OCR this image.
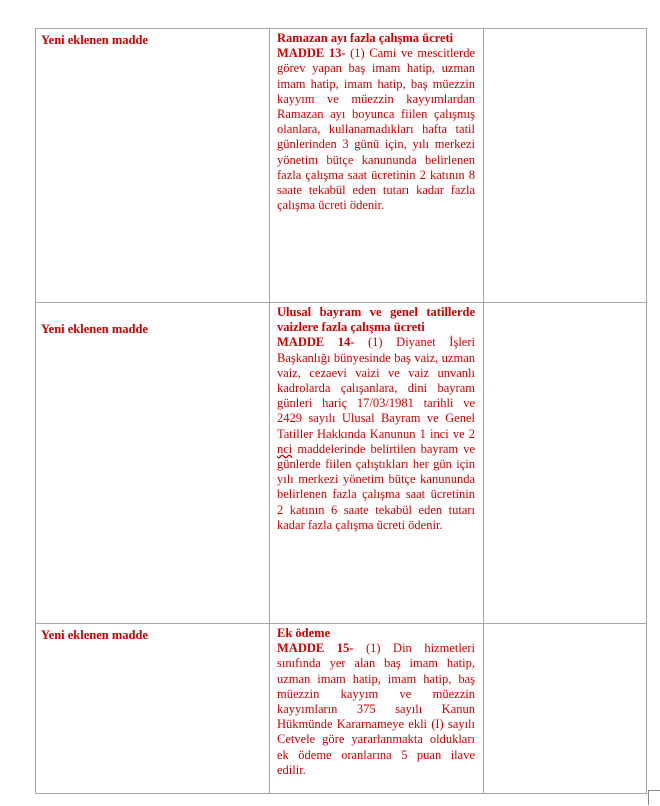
Yeni eklenen madde	Ramazan ayı fazla çalışma ücreti
MADDE 13- (1) Cami ve mescitlerde görev yapan baş imam hatip, uzman imam hatip, imam hatip, baş müezzin kayyım ve müezzin kayyımlardan Ramazan ayı boyunca fiilen çalışmış olanlara, kullanamadıkları hafta tatil günlerinden 3 günü için, yılı merkezi yönetim bütçe kanununda belirlenen fazla çalışma saat ücretinin 2 katının 8 saate tekabül eden tutarı kadar fazla çalışma ücreti ödenir.	

Yeni eklenen madde	Ulusal bayram ve genel tatillerde vaizlere fazla çalışma ücreti
MADDE 14- (1) Diyanet İşleri Başkanlığı bünyesinde baş vaiz, uzman vaiz, cezaevi vaizi ve vaiz unvanlı kadrolarda çalışanlara, dini bayram günleri hariç 17/03/1981 tarihli ve 2429 sayılı Ulusal Bayram ve Genel Tatiller Hakkında Kanunun 1 inci ve 2 nci maddelerinde belirtilen bayram ve günlerde fiilen çalıştıkları her gün için yılı merkezi yönetim bütçe kanununda belirlenen fazla çalışma saat ücretinin 2 katının 6 saate tekabül eden tutarı kadar fazla çalışma ücreti ödenir.	

Yeni eklenen madde	Ek ödeme
MADDE 15- (1) Din hizmetleri sınıfında yer alan baş imam hatip, uzman imam hatip, imam hatip, baş müezzin kayyım ve müezzin kayyımların 375 sayılı Kanun Hükmünde Kararnameye ekli (I) sayılı Cetvele göre yararlanmakta oldukları ek ödeme oranlarına 5 puan ilave edilir.	
